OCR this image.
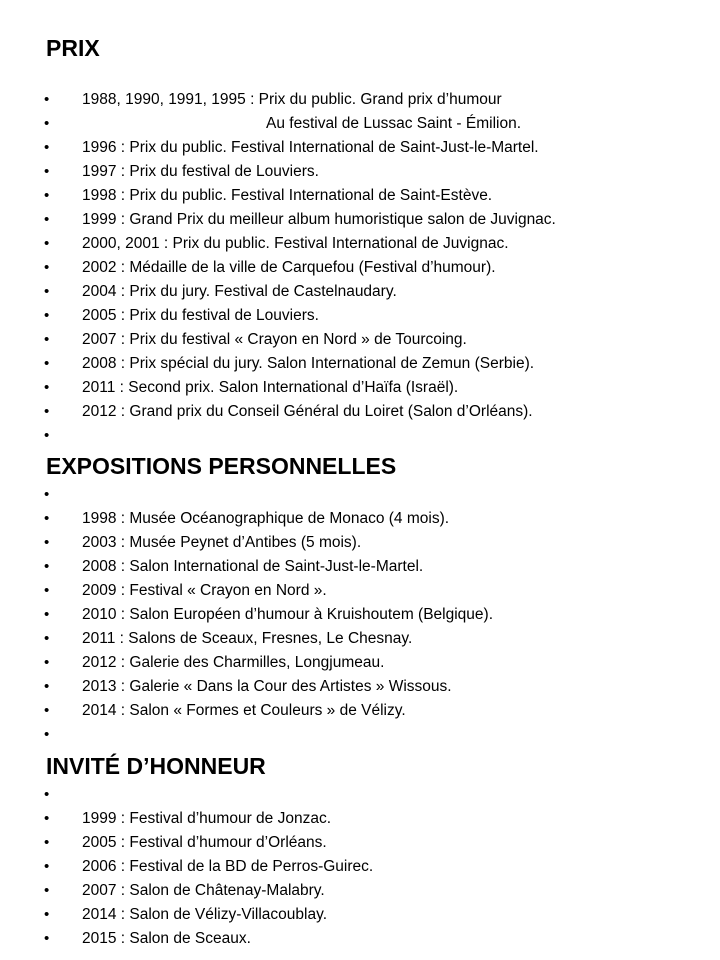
PRIX
• 1988, 1990, 1991, 1995 : Prix du public. Grand prix d’humour
•	Au festival de Lussac Saint - Émilion.
• 1996 : Prix du public. Festival International de Saint-Just-le-Martel.
• 1997 : Prix du festival de Louviers.
• 1998 : Prix du public. Festival International de Saint-Estève.
• 1999 : Grand Prix du meilleur album humoristique salon de Juvignac.
• 2000, 2001 : Prix du public. Festival International de Juvignac.
• 2002 : Médaille de la ville de Carquefou (Festival d’humour).
• 2004 : Prix du jury. Festival de Castelnaudary.
• 2005 : Prix du festival de Louviers.
• 2007 : Prix du festival « Crayon en Nord » de Tourcoing.
• 2008 : Prix spécial du jury. Salon International de Zemun (Serbie).
• 2011 : Second prix. Salon International d’Haïfa (Israël).
• 2012 : Grand prix du Conseil Général du Loiret (Salon d’Orléans).
•
EXPOSITIONS PERSONNELLES
•
• 1998 : Musée Océanographique de Monaco (4 mois).
• 2003 : Musée Peynet d’Antibes (5 mois).
• 2008 : Salon International de Saint-Just-le-Martel.
• 2009 : Festival « Crayon en Nord ».
• 2010 : Salon Européen d’humour à Kruishoutem (Belgique).
• 2011 : Salons de Sceaux, Fresnes, Le Chesnay.
• 2012 : Galerie des Charmilles, Longjumeau.
• 2013 : Galerie « Dans la Cour des Artistes » Wissous.
• 2014 : Salon « Formes et Couleurs » de Vélizy.
•
INVITÉ D’HONNEUR
•
• 1999 : Festival d’humour de Jonzac.
• 2005 : Festival d’humour d’Orléans.
• 2006 : Festival de la BD de Perros-Guirec.
• 2007 : Salon de Châtenay-Malabry.
• 2014 : Salon de Vélizy-Villacoublay.
• 2015 : Salon de Sceaux.
